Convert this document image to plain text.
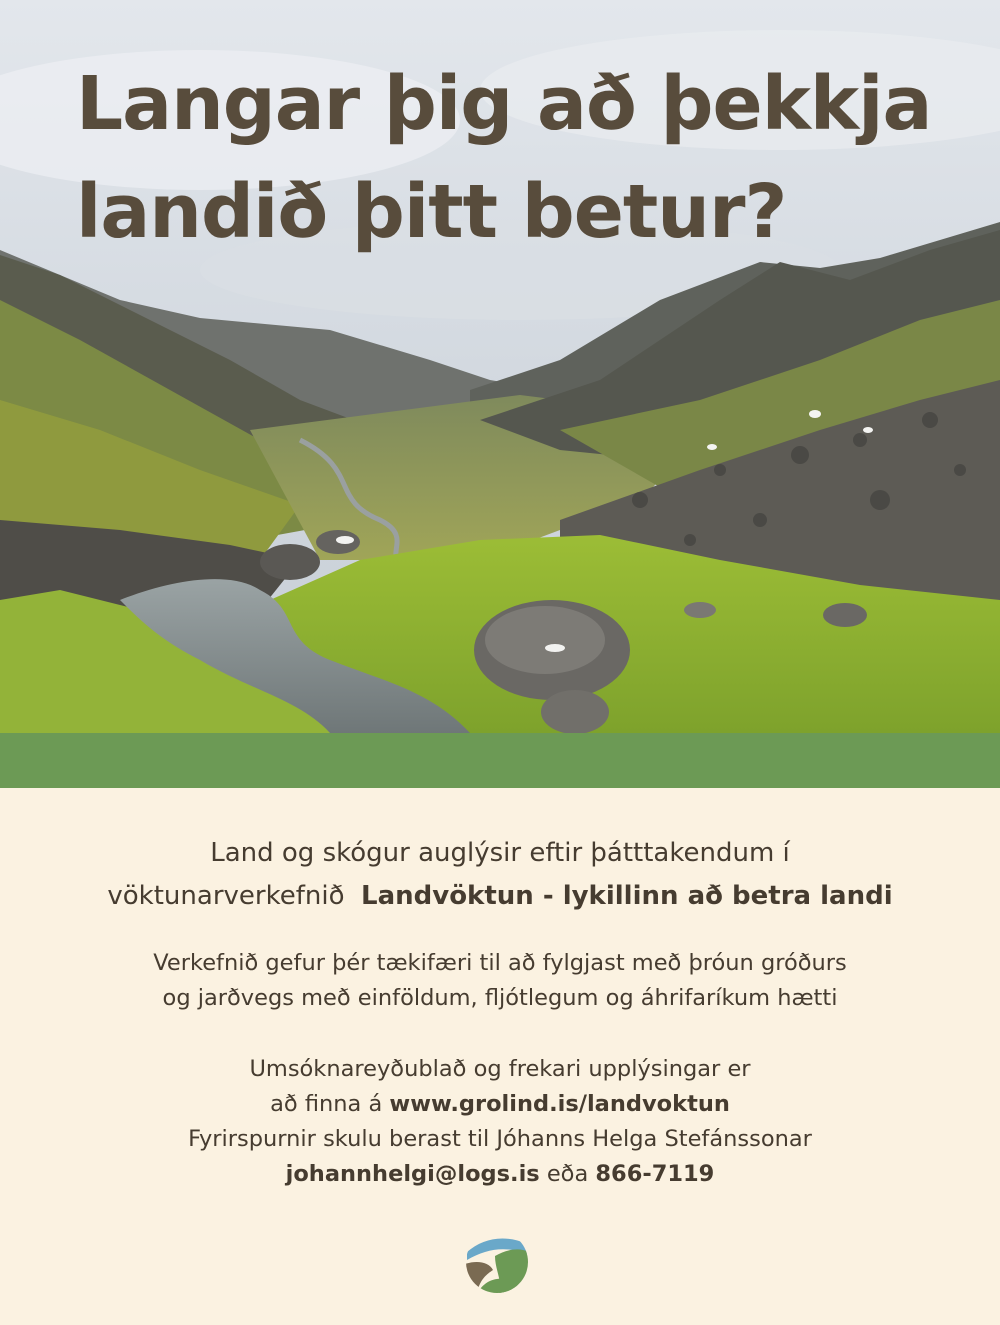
Langar þig að þekkja
landið þitt betur?

Land og skógur auglýsir eftir þátttakendum í
vöktunarverkefnið Landvöktun - lykillinn að betra landi

Verkefnið gefur þér tækifæri til að fylgjast með þróun gróðurs
og jarðvegs með einföldum, fljótlegum og áhrifaríkum hætti

Umsóknareyðublað og frekari upplýsingar er
að finna á www.grolind.is/landvoktun
Fyrirspurnir skulu berast til Jóhanns Helga Stefánssonar
johannhelgi@logs.is eða 866-7119
